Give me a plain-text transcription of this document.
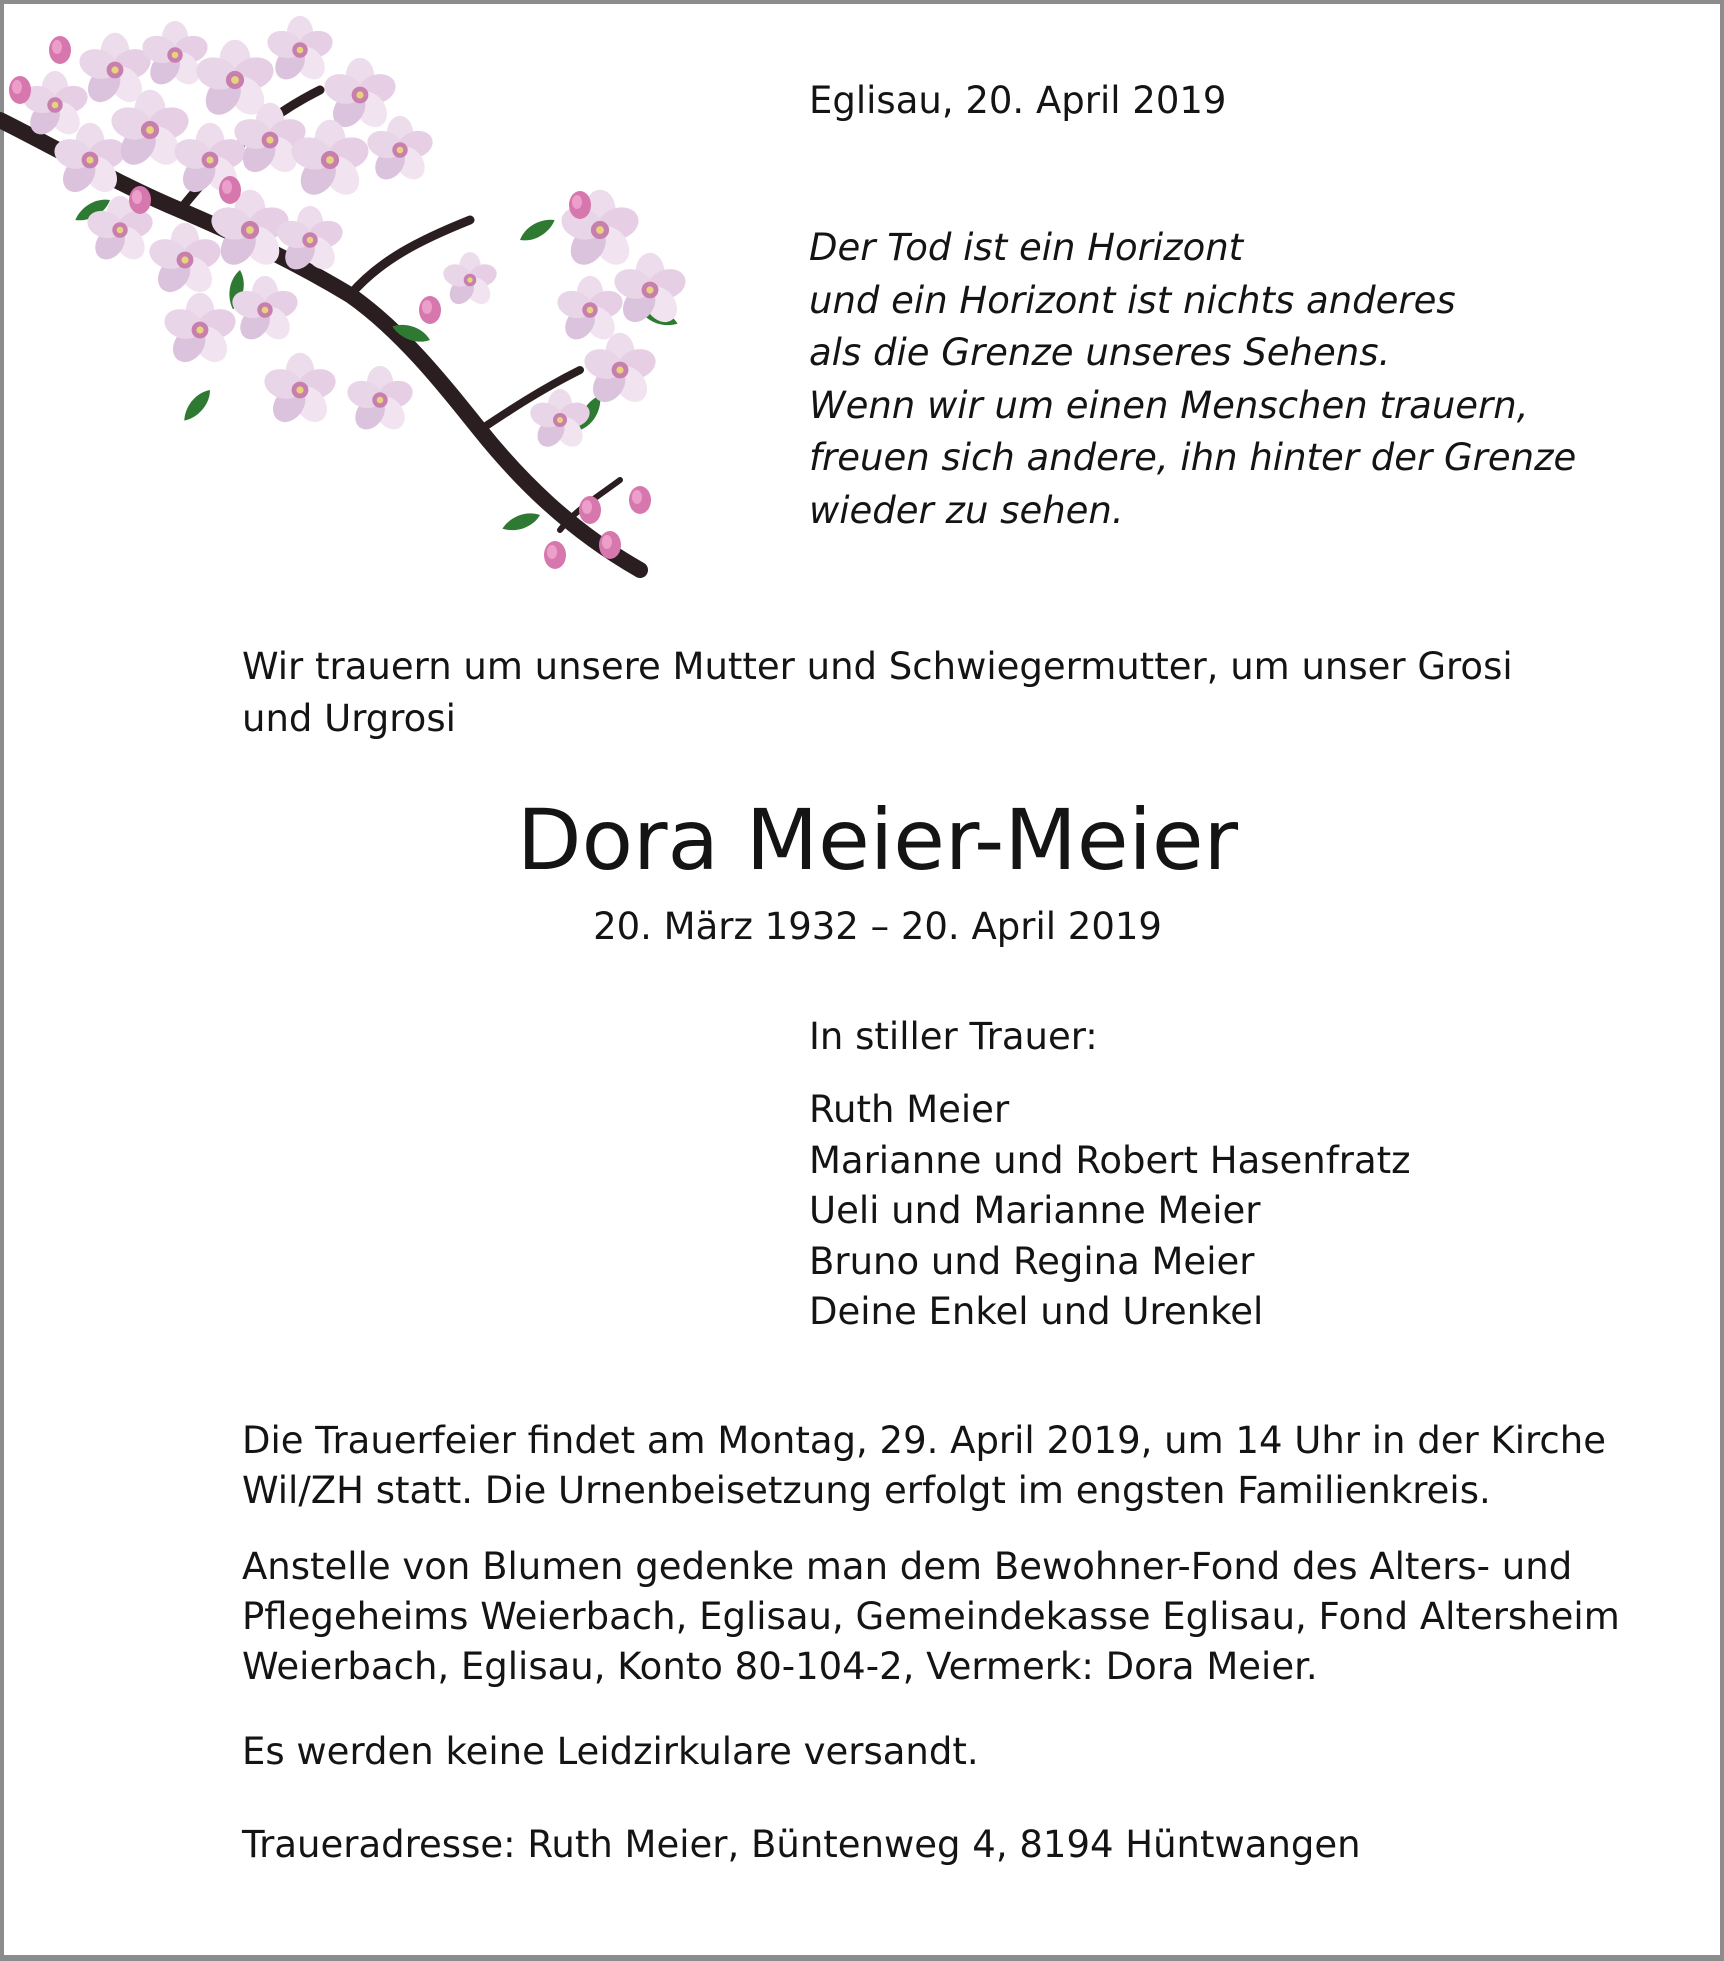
Eglisau, 20. April 2019
Der Tod ist ein Horizont
und ein Horizont ist nichts anderes
als die Grenze unseres Sehens.
Wenn wir um einen Menschen trauern,
freuen sich andere, ihn hinter der Grenze
wieder zu sehen.
Wir trauern um unsere Mutter und Schwiegermutter, um unser Grosi
und Urgrosi
Dora Meier-Meier
20. März 1932 – 20. April 2019
In stiller Trauer:
Ruth Meier
Marianne und Robert Hasenfratz
Ueli und Marianne Meier
Bruno und Regina Meier
Deine Enkel und Urenkel
Die Trauerfeier findet am Montag, 29. April 2019, um 14 Uhr in der Kirche
Wil/ZH statt. Die Urnenbeisetzung erfolgt im engsten Familienkreis.
Anstelle von Blumen gedenke man dem Bewohner-Fond des Alters- und
Pflegeheims Weierbach, Eglisau, Gemeindekasse Eglisau, Fond Altersheim
Weierbach, Eglisau, Konto 80-104-2, Vermerk: Dora Meier.
Es werden keine Leidzirkulare versandt.
Traueradresse: Ruth Meier, Büntenweg 4, 8194 Hüntwangen
